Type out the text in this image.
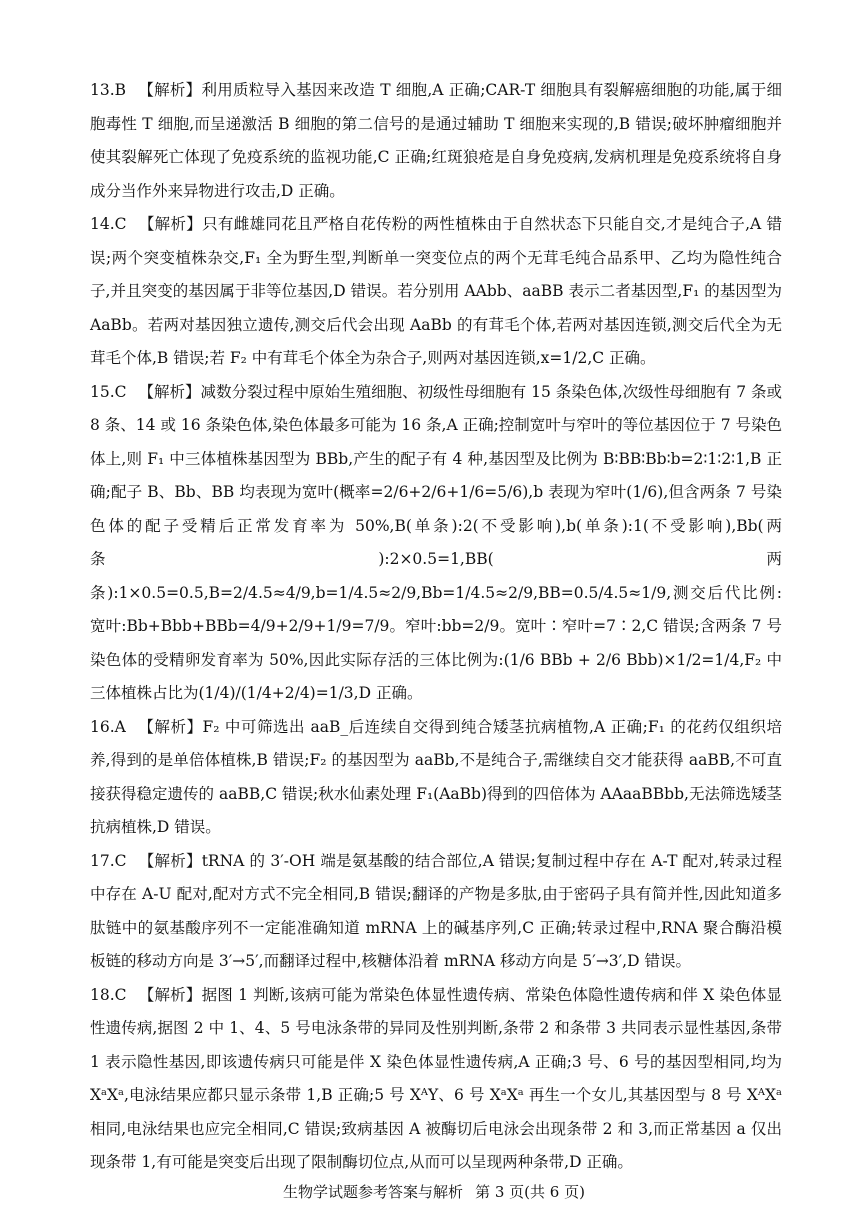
13.B 【解析】利用质粒导入基因来改造 T 细胞,A 正确;CAR-T 细胞具有裂解癌细胞的功能,属于细胞毒性 T 细胞,而呈递激活 B 细胞的第二信号的是通过辅助 T 细胞来实现的,B 错误;破坏肿瘤细胞并使其裂解死亡体现了免疫系统的监视功能,C 正确;红斑狼疮是自身免疫病,发病机理是免疫系统将自身成分当作外来异物进行攻击,D 正确。

14.C 【解析】只有雌雄同花且严格自花传粉的两性植株由于自然状态下只能自交,才是纯合子,A 错误;两个突变植株杂交,F₁ 全为野生型,判断单一突变位点的两个无茸毛纯合品系甲、乙均为隐性纯合子,并且突变的基因属于非等位基因,D 错误。若分别用 AAbb、aaBB 表示二者基因型,F₁ 的基因型为 AaBb。若两对基因独立遗传,测交后代会出现 AaBb 的有茸毛个体,若两对基因连锁,测交后代全为无茸毛个体,B 错误;若 F₂ 中有茸毛个体全为杂合子,则两对基因连锁,x=1/2,C 正确。

15.C 【解析】减数分裂过程中原始生殖细胞、初级性母细胞有 15 条染色体,次级性母细胞有 7 条或 8 条、14 或 16 条染色体,染色体最多可能为 16 条,A 正确;控制宽叶与窄叶的等位基因位于 7 号染色体上,则 F₁ 中三体植株基因型为 BBb,产生的配子有 4 种,基因型及比例为 B∶BB∶Bb∶b=2∶1∶2∶1,B 正确;配子 B、Bb、BB 均表现为宽叶(概率=2/6+2/6+1/6=5/6),b 表现为窄叶(1/6),但含两条 7 号染色体的配子受精后正常发育率为 50%,B(单条):2(不受影响),b(单条):1(不受影响),Bb(两条):2×0.5=1,BB(两条):1×0.5=0.5,B=2/4.5≈4/9,b=1/4.5≈2/9,Bb=1/4.5≈2/9,BB=0.5/4.5≈1/9,测交后代比例:宽叶:Bb+Bbb+BBb=4/9+2/9+1/9=7/9。窄叶:bb=2/9。宽叶∶窄叶=7∶2,C 错误;含两条 7 号染色体的受精卵发育率为 50%,因此实际存活的三体比例为:(1/6 BBb + 2/6 Bbb)×1/2=1/4,F₂ 中三体植株占比为(1/4)/(1/4+2/4)=1/3,D 正确。

16.A 【解析】F₂ 中可筛选出 aaB_后连续自交得到纯合矮茎抗病植物,A 正确;F₁ 的花药仅组织培养,得到的是单倍体植株,B 错误;F₂ 的基因型为 aaBb,不是纯合子,需继续自交才能获得 aaBB,不可直接获得稳定遗传的 aaBB,C 错误;秋水仙素处理 F₁(AaBb)得到的四倍体为 AAaaBBbb,无法筛选矮茎抗病植株,D 错误。

17.C 【解析】tRNA 的 3′-OH 端是氨基酸的结合部位,A 错误;复制过程中存在 A-T 配对,转录过程中存在 A-U 配对,配对方式不完全相同,B 错误;翻译的产物是多肽,由于密码子具有简并性,因此知道多肽链中的氨基酸序列不一定能准确知道 mRNA 上的碱基序列,C 正确;转录过程中,RNA 聚合酶沿模板链的移动方向是 3′→5′,而翻译过程中,核糖体沿着 mRNA 移动方向是 5′→3′,D 错误。

18.C 【解析】据图 1 判断,该病可能为常染色体显性遗传病、常染色体隐性遗传病和伴 X 染色体显性遗传病,据图 2 中 1、4、5 号电泳条带的异同及性别判断,条带 2 和条带 3 共同表示显性基因,条带 1 表示隐性基因,即该遗传病只可能是伴 X 染色体显性遗传病,A 正确;3 号、6 号的基因型相同,均为 XᵃXᵃ,电泳结果应都只显示条带 1,B 正确;5 号 XᴬY、6 号 XᵃXᵃ 再生一个女儿,其基因型与 8 号 XᴬXᵃ 相同,电泳结果也应完全相同,C 错误;致病基因 A 被酶切后电泳会出现条带 2 和 3,而正常基因 a 仅出现条带 1,有可能是突变后出现了限制酶切位点,从而可以呈现两种条带,D 正确。

生物学试题参考答案与解析 第 3 页(共 6 页)
